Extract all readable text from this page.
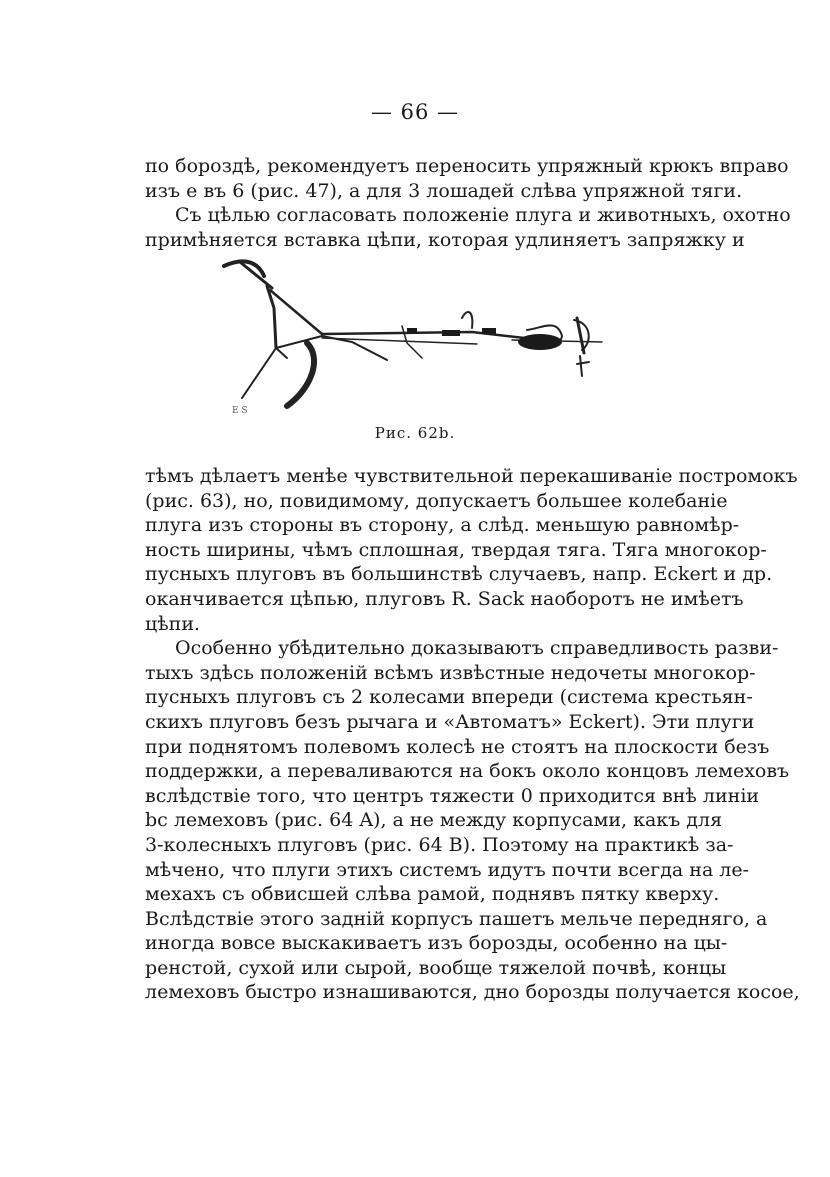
— 66 —
по бороздѣ, рекомендуетъ переносить упряжный крюкъ вправо
изъ e въ 6 (рис. 47), а для 3 лошадей слѣва упряжной тяги.
Съ цѣлью согласовать положеніе плуга и животныхъ, охотно
примѣняется вставка цѣпи, которая удлиняетъ запряжку и
E S
Рис. 62b.
тѣмъ дѣлаетъ менѣе чувствительной перекашиваніе постромокъ
(рис. 63), но, повидимому, допускаетъ большее колебаніе
плуга изъ стороны въ сторону, а слѣд. меньшую равномѣр-
ность ширины, чѣмъ сплошная, твердая тяга. Тяга многокор-
пусныхъ плуговъ въ большинствѣ случаевъ, напр. Eckert и др.
оканчивается цѣпью, плуговъ R. Sack наоборотъ не имѣетъ
цѣпи.
Особенно убѣдительно доказываютъ справедливость разви-
тыхъ здѣсь положеній всѣмъ извѣстные недочеты многокор-
пусныхъ плуговъ съ 2 колесами впереди (система крестьян-
скихъ плуговъ безъ рычага и «Автоматъ» Eckert). Эти плуги
при поднятомъ полевомъ колесѣ не стоятъ на плоскости безъ
поддержки, а переваливаются на бокъ около концовъ лемеховъ
вслѣдствіе того, что центръ тяжести 0 приходится внѣ линіи
bc лемеховъ (рис. 64 A), а не между корпусами, какъ для
3-колесныхъ плуговъ (рис. 64 B). Поэтому на практикѣ за-
мѣчено, что плуги этихъ системъ идутъ почти всегда на ле-
мехахъ съ обвисшей слѣва рамой, поднявъ пятку кверху.
Вслѣдствіе этого задній корпусъ пашетъ мельче передняго, а
иногда вовсе выскакиваетъ изъ борозды, особенно на цы-
ренстой, сухой или сырой, вообще тяжелой почвѣ, концы
лемеховъ быстро изнашиваются, дно борозды получается косое,
